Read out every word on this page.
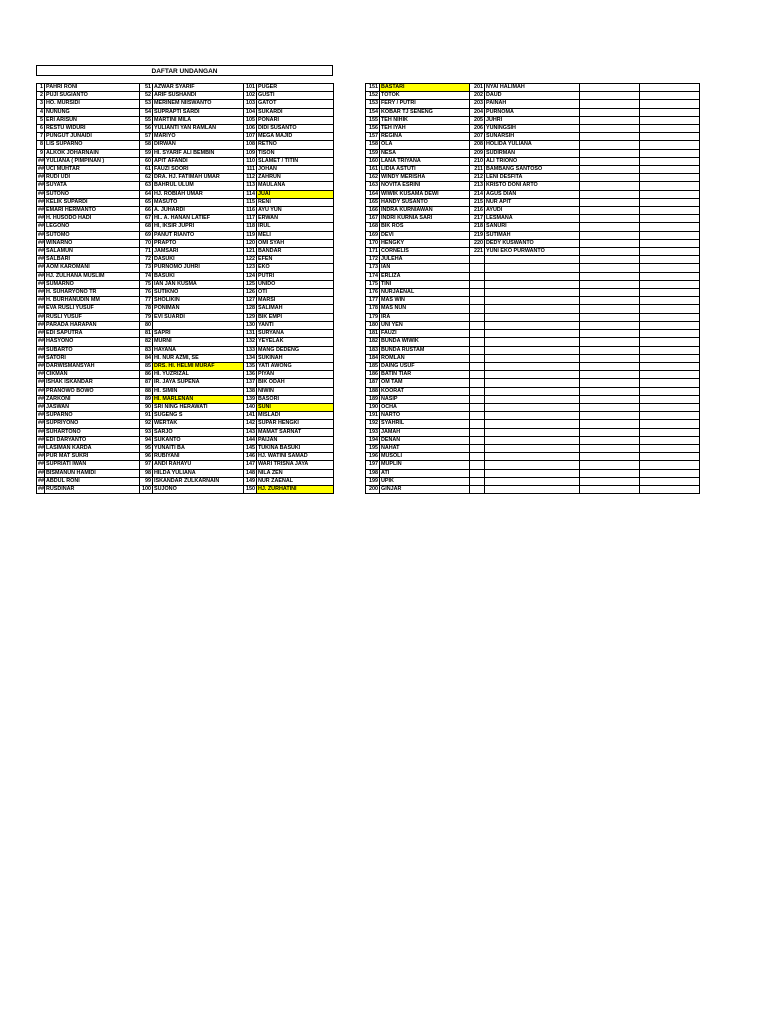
DAFTAR UNDANGAN
1	PAHRI RONI	51	AZWAR SYARIF	101	PUGER
2	PUJI SUGIANTO	52	ARIF SUSHANDI	102	GUSTI
3	HO. MURSIDI	53	MERINEM NIISWANTO	103	GATOT
4	NUNUNG	54	SUPRAPTI SARDI	104	SUKARDI
5	ERI ARISUN	55	MARTINI MILA	105	PONARI
6	RESTU WIDURI	56	YULIANTI YAN RAMLAN	106	DIDI SUSANTO
7	PUNGUT JUNAIDI	57	MARIYO	107	MEGA MAJID
8	LIS SUPARNO	58	DIRWAN	108	RETNO
9	ALKOK JOHARNAIN	59	HI. SYARIF ALI BEMBIN	109	TISON
##	YULIANA ( PIMPINAN )	60	APIT AFANDI	110	SLAMET / TITIN
##	UCI MUHTAR	61	FAUZI SOORI	111	JOHAN
##	RUDI UDI	62	DRA. HJ. FATIMAH UMAR	112	ZAHRUN
##	SUYATA	63	BAHRUL ULUM	113	MAULANA
##	SUTONO	64	HJ. ROBIAH UMAR	114	JUAI
##	KELIK SUPARDI	65	MASUTO	115	RENI
##	EMARI HERMANTO	66	A. JUHARDI	116	AYU YUN
##	H. HUSODO HADI	67	HI.. A. HANAN LATIEF	117	ERWAN
##	LEGONO	68	HI, IKSIR JUPRI	118	IRUL
##	SUTOMO	69	PANUT RIANTO	119	MELI
##	WINARNO	70	PRAPTO	120	OMI SYAH
##	SALAMUN	71	JAMSARI	121	BANDAR
##	SALBARI	72	DASUKI	122	EFEN
##	AOM KAROMANI	73	PURNOMO JUHRI	123	EKO
##	HJ. ZULHANA MUSLIM	74	BASUKI	124	PUTRI
##	SUMARNO	75	IAN JAN KUSMA	125	UNIDO
##	H. SUHARYONO TR	76	SUTIKNO	126	OTI
##	H. BURHANUDIN MM	77	SHOLIKIN	127	MARSI
##	EVA RUSLI YUSUF	78	PONIMAN	128	SALIMAH
##	RUSLI YUSUF	79	EVI SUARDI	129	BIK EMPI
##	PARADA HARAPAN	80		130	YANTI
##	EDI SAPUTRA	81	SAPRI	131	SURYANA
##	HASYONO	82	MURNI	132	YEYELAK
##	SUBARTO	83	HAYANA	133	MANG DEDENG
##	SATORI	84	HI. NUR AZMI, SE	134	SUKINAH
##	DARWISMANSYAH	85	DRS. HI. HELMI MURAF	135	YATI AWONG
##	CIKMAN	86	HI. YUZRIZAL	136	PIYAN
##	ISHAK ISKANDAR	87	IR. JAYA SUPENA	137	BIK ODAH
##	PRANOWO BOWO	88	HI. SIMIN	138	NIWIN
##	ZARKONI	89	HI. MARLENAN	139	BASORI
##	JASWAN	90	SRI NING HERAWATI	140	SUNI
##	SUPARNO	91	SUGENG S	141	MISLADI
##	SUPRIYONO	92	WERTAK	142	SUPAR HENGKI
##	SUHARTONO	93	SARJO	143	MAMAT SARNAT
##	EDI DARYANTO	94	SUKANTO	144	PAIJAN
##	LASIMAN KARDA	95	YUNAITI BA	145	TUKINA BASUKI
##	PUR MAT SUKRI	96	RUBIYANI	146	HJ. WATINI SAMAD
##	SUPRIATI IWAN	97	ANDI RAHAYU	147	WARI TRISNA JAYA
##	BISMANUN HAMIDI	98	HILDA YULIANA	148	NILA ZEN
##	ABDUL RONI	99	ISKANDAR ZULKARNAIN	149	NUR ZAENAL
##	RUSDINAR	100	SUJONO	150	HJ. ZURHATINI
151	BASTARI	201	NYAI HALIMAH		
152	TOTOK	202	DAUD		
153	FERY / PUTRI	203	PAINAH		
154	KOBAR TJ SENENG	204	PURNOMA		
155	TEH NIHIK	205	JUHRI		
156	TEH IYAH	206	YUNINGSIH		
157	REGINA	207	SUNARSIH		
158	OLA	208	HOLIDA YULIANA		
159	NESA	209	SUDIRMAN		
160	LANA TRIYANA	210	ALI TRIONO		
161	LIDIA ASTUTI	211	BAMBANG SANTOSO		
162	WINDY MERISHA	212	LENI DESFITA		
163	NOVITA ESRINI	213	KRISTO DONI ARTO		
164	WIWIK KUSAMA DEWI	214	AGUS DIAN		
165	HANDY SUSANTO	215	NUR APIT		
166	INDRA KURNIAWAN	216	AYUDI		
167	INDRI KURNIA SARI	217	LESMANA		
168	BIK ROS	218	SANURI		
169	DEVI	219	SUTIMAH		
170	HENGKY	220	DEDY KUSWANTO		
171	CORNELIS	221	YUNI EKO PURWANTO		
172	JULEHA				
173	IAN				
174	ERLIZA				
175	TINI				
176	NURJAENAL				
177	MAS WIN				
178	MAS NUN				
179	IRA				
180	UNI YEN				
181	FAUZI				
182	BUNDA WIWIK				
183	BUNDA RUSTAM				
184	ROMLAN				
185	DAING USUF				
186	BATIN TIAR				
187	OM TAM				
188	KOORAT				
189	NASIP				
190	OCHA				
191	NARTO				
192	SYAHRIL				
193	JAMAH				
194	DENAN				
195	NAHAT				
196	MUSOLI				
197	MUPLIN				
198	ATI				
199	UPIK				
200	GINJAR				
